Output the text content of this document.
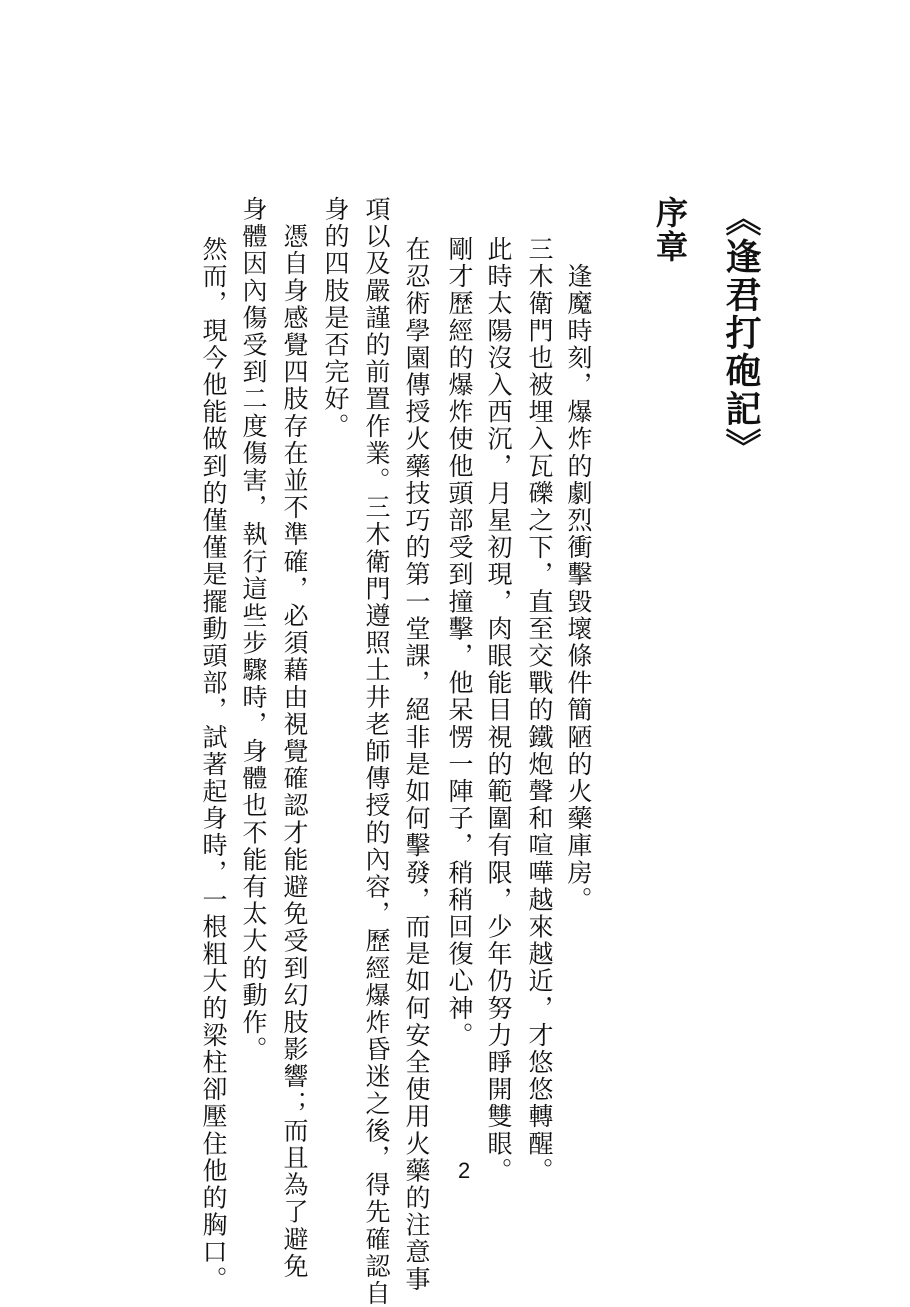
《逢君打砲記》
序章
　逢魔時刻，爆炸的劇烈衝擊毀壞條件簡陋的火藥庫房。
三木衛門也被埋入瓦礫之下，直至交戰的鐵炮聲和喧嘩越來越近，才悠悠轉醒。
此時太陽沒入西沉，月星初現，肉眼能目視的範圍有限，少年仍努力睜開雙眼。
剛才歷經的爆炸使他頭部受到撞擊，他呆愣一陣子，稍稍回復心神。
在忍術學園傳授火藥技巧的第一堂課，絕非是如何擊發，而是如何安全使用火藥的注意事
項以及嚴謹的前置作業。三木衛門遵照土井老師傳授的內容，歷經爆炸昏迷之後，得先確認自
身的四肢是否完好。
　憑自身感覺四肢存在並不準確，必須藉由視覺確認才能避免受到幻肢影響；而且為了避免
身體因內傷受到二度傷害，執行這些步驟時，身體也不能有太大的動作。
然而，現今他能做到的僅僅是擺動頭部，試著起身時，一根粗大的梁柱卻壓住他的胸口。	2
